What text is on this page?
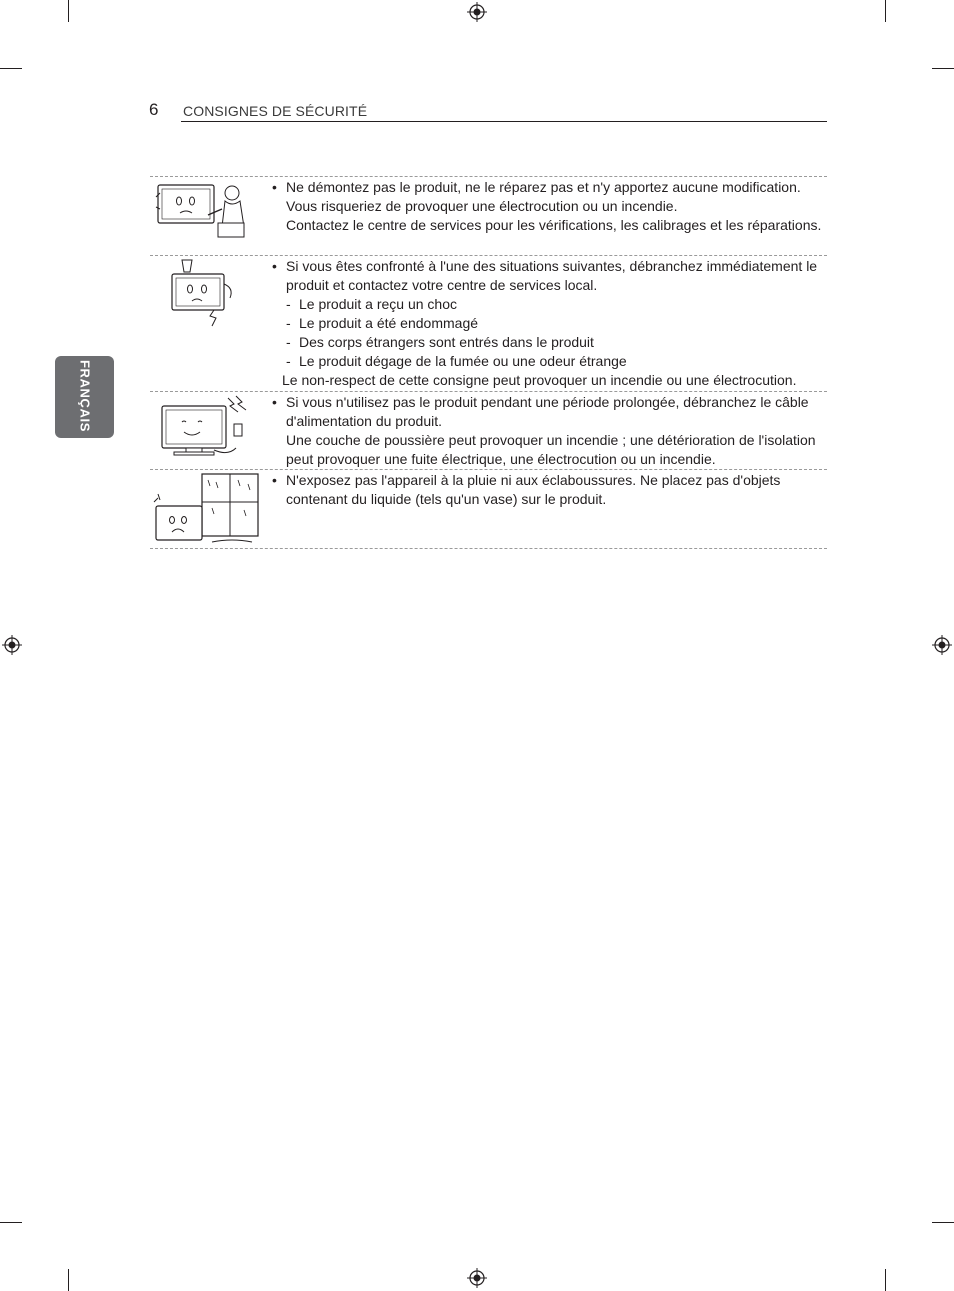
6 CONSIGNES DE SÉCURITÉ
FRANÇAIS
• Ne démontez pas le produit, ne le réparez pas et n'y apportez aucune modification. Vous risqueriez de provoquer une électrocution ou un incendie.
Contactez le centre de services pour les vérifications, les calibrages et les réparations.
• Si vous êtes confronté à l'une des situations suivantes, débranchez immédiatement le produit et contactez votre centre de services local.
- Le produit a reçu un choc
- Le produit a été endommagé
- Des corps étrangers sont entrés dans le produit
- Le produit dégage de la fumée ou une odeur étrange
Le non-respect de cette consigne peut provoquer un incendie ou une électrocution.
• Si vous n'utilisez pas le produit pendant une période prolongée, débranchez le câble d'alimentation du produit.
Une couche de poussière peut provoquer un incendie ; une détérioration de l'isolation peut provoquer une fuite électrique, une électrocution ou un incendie.
• N'exposez pas l'appareil à la pluie ni aux éclaboussures. Ne placez pas d'objets contenant du liquide (tels qu'un vase) sur le produit.
